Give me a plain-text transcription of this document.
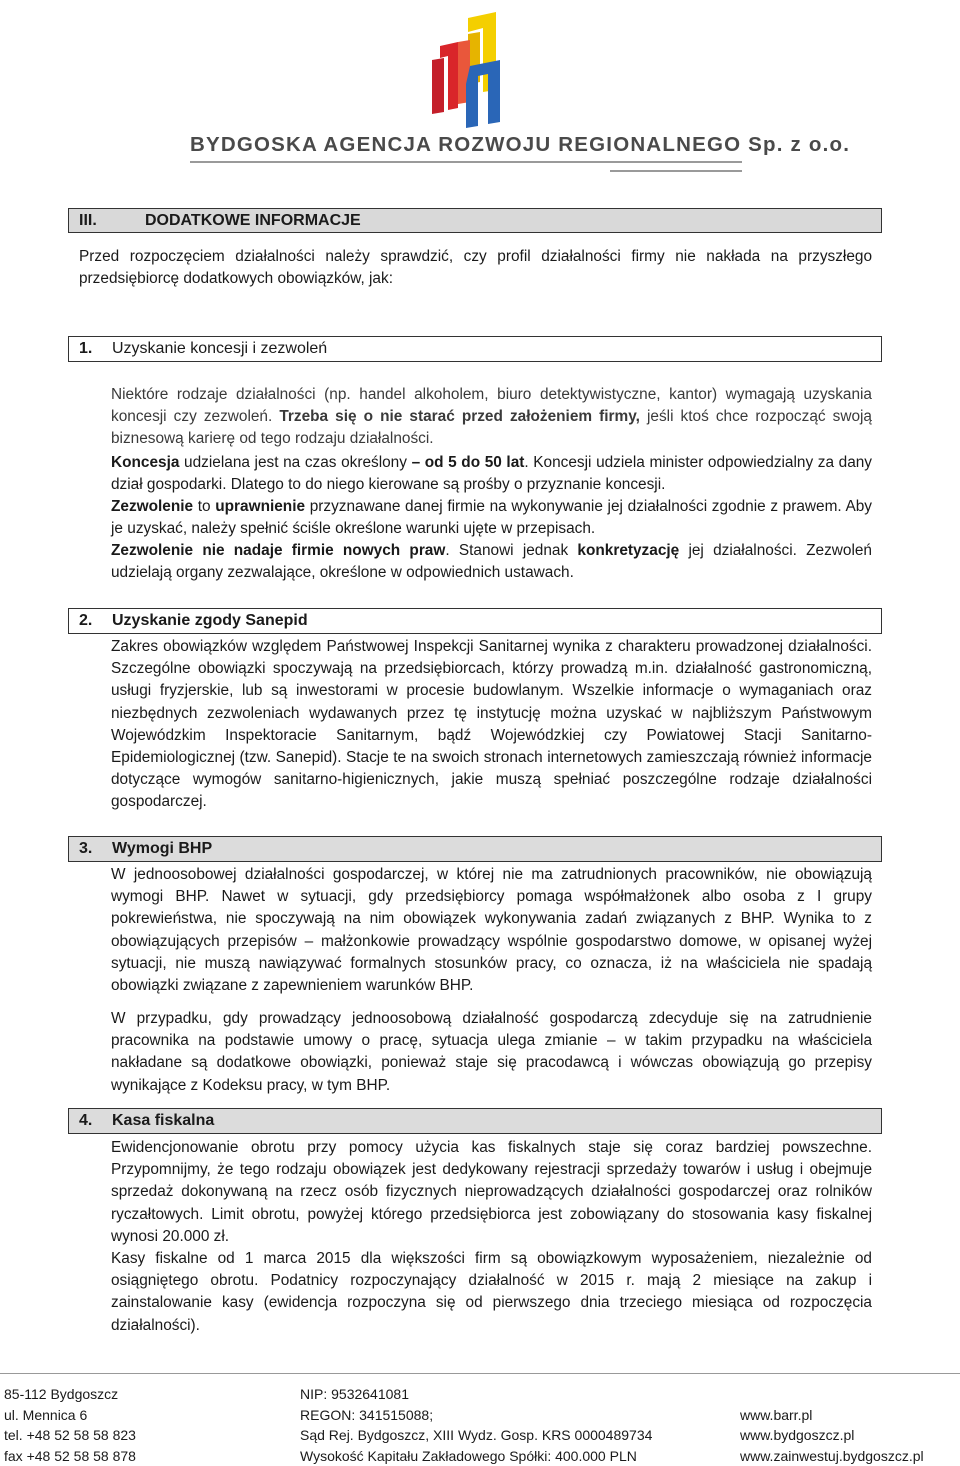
BYDGOSKA AGENCJA ROZWOJU REGIONALNEGO Sp. z o.o.
III.	DODATKOWE INFORMACJE
Przed rozpoczęciem działalności należy sprawdzić, czy profil działalności firmy nie nakłada na przyszłego przedsiębiorcę dodatkowych obowiązków, jak:
1. Uzyskanie koncesji i zezwoleń
Niektóre rodzaje działalności (np. handel alkoholem, biuro detektywistyczne, kantor) wymagają uzyskania koncesji czy zezwoleń. Trzeba się o nie starać przed założeniem firmy, jeśli ktoś chce rozpocząć swoją biznesową karierę od tego rodzaju działalności.
Koncesja udzielana jest na czas określony – od 5 do 50 lat. Koncesji udziela minister odpowiedzialny za dany dział gospodarki. Dlatego to do niego kierowane są prośby o przyznanie koncesji.
Zezwolenie to uprawnienie przyznawane danej firmie na wykonywanie jej działalności zgodnie z prawem. Aby je uzyskać, należy spełnić ściśle określone warunki ujęte w przepisach.
Zezwolenie nie nadaje firmie nowych praw. Stanowi jednak konkretyzację jej działalności. Zezwoleń udzielają organy zezwalające, określone w odpowiednich ustawach.
2. Uzyskanie zgody Sanepid
Zakres obowiązków względem Państwowej Inspekcji Sanitarnej wynika z charakteru prowadzonej działalności. Szczególne obowiązki spoczywają na przedsiębiorcach, którzy prowadzą m.in. działalność gastronomiczną, usługi fryzjerskie, lub są inwestorami w procesie budowlanym. Wszelkie informacje o wymaganiach oraz niezbędnych zezwoleniach wydawanych przez tę instytucję można uzyskać w najbliższym Państwowym Wojewódzkim Inspektoracie Sanitarnym, bądź Wojewódzkiej czy Powiatowej Stacji Sanitarno-Epidemiologicznej (tzw. Sanepid). Stacje te na swoich stronach internetowych zamieszczają również informacje dotyczące wymogów sanitarno-higienicznych, jakie muszą spełniać poszczególne rodzaje działalności gospodarczej.
3. Wymogi BHP
W jednoosobowej działalności gospodarczej, w której nie ma zatrudnionych pracowników, nie obowiązują wymogi BHP. Nawet w sytuacji, gdy przedsiębiorcy pomaga współmałżonek albo osoba z I grupy pokrewieństwa, nie spoczywają na nim obowiązek wykonywania zadań związanych z BHP. Wynika to z obowiązujących przepisów – małżonkowie prowadzący wspólnie gospodarstwo domowe, w opisanej wyżej sytuacji, nie muszą nawiązywać formalnych stosunków pracy, co oznacza, iż na właściciela nie spadają obowiązki związane z zapewnieniem warunków BHP.
W przypadku, gdy prowadzący jednoosobową działalność gospodarczą zdecyduje się na zatrudnienie pracownika na podstawie umowy o pracę, sytuacja ulega zmianie – w takim przypadku na właściciela nakładane są dodatkowe obowiązki, ponieważ staje się pracodawcą i wówczas obowiązują go przepisy wynikające z Kodeksu pracy, w tym BHP.
4. Kasa fiskalna
Ewidencjonowanie obrotu przy pomocy użycia kas fiskalnych staje się coraz bardziej powszechne. Przypomnijmy, że tego rodzaju obowiązek jest dedykowany rejestracji sprzedaży towarów i usług i obejmuje sprzedaż dokonywaną na rzecz osób fizycznych nieprowadzących działalności gospodarczej oraz rolników ryczałtowych. Limit obrotu, powyżej którego przedsiębiorca jest zobowiązany do stosowania kasy fiskalnej wynosi 20.000 zł.
Kasy fiskalne od 1 marca 2015 dla większości firm są obowiązkowym wyposażeniem, niezależnie od osiągniętego obrotu. Podatnicy rozpoczynający działalność w 2015 r. mają 2 miesiące na zakup i zainstalowanie kasy (ewidencja rozpoczyna się od pierwszego dnia trzeciego miesiąca od rozpoczęcia działalności).
85-112 Bydgoszcz
ul. Mennica 6
tel. +48 52 58 58 823
fax +48 52 58 58 878
NIP: 9532641081
REGON: 341515088;
Sąd Rej. Bydgoszcz, XIII Wydz. Gosp. KRS 0000489734
Wysokość Kapitału Zakładowego Spółki: 400.000 PLN
www.barr.pl
www.bydgoszcz.pl
www.zainwestuj.bydgoszcz.pl
